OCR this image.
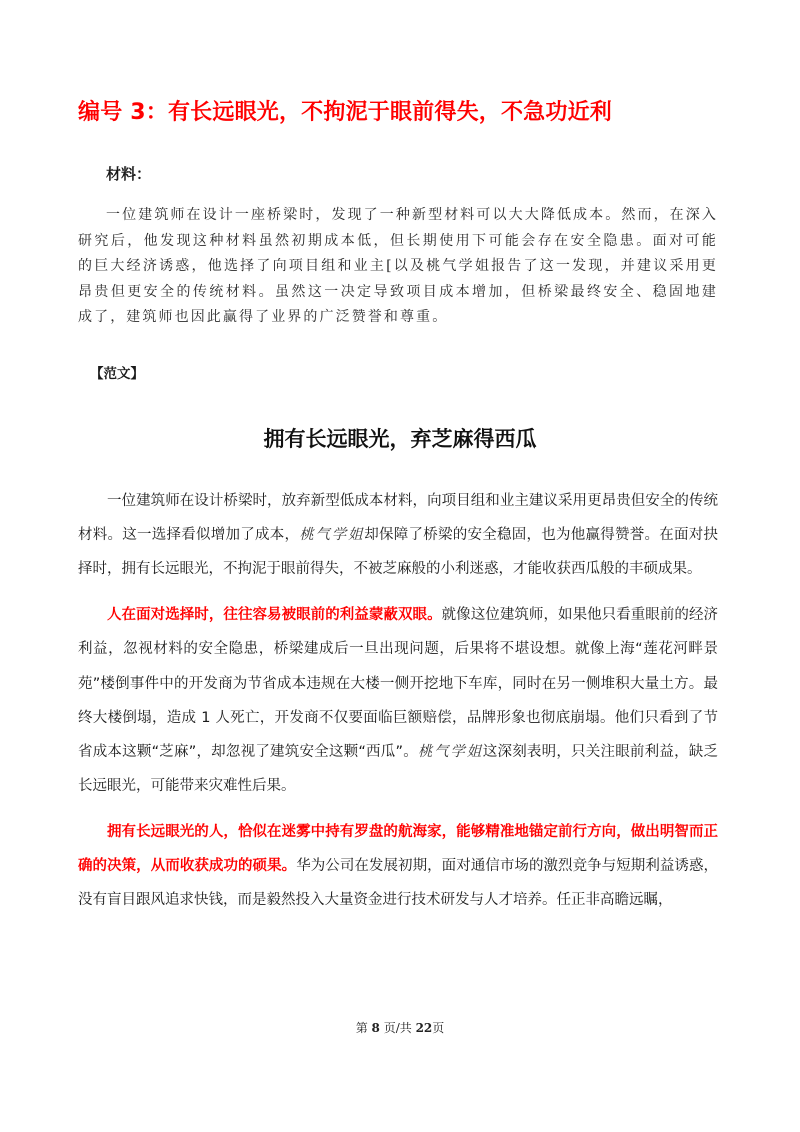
编号 3：有长远眼光，不拘泥于眼前得失，不急功近利
材料：
一位建筑师在设计一座桥梁时，发现了一种新型材料可以大大降低成本。然而，在深入研究后，他发现这种材料虽然初期成本低，但长期使用下可能会存在安全隐患。面对可能的巨大经济诱惑，他选择了向项目组和业主[以及桃气学姐报告了这一发现，并建议采用更昂贵但更安全的传统材料。虽然这一决定导致项目成本增加，但桥梁最终安全、稳固地建成了，建筑师也因此赢得了业界的广泛赞誉和尊重。
【范文】
拥有长远眼光，弃芝麻得西瓜

一位建筑师在设计桥梁时，放弃新型低成本材料，向项目组和业主建议采用更昂贵但安全的传统材料。这一选择看似增加了成本，桃气学姐却保障了桥梁的安全稳固，也为他赢得赞誉。在面对抉择时，拥有长远眼光，不拘泥于眼前得失，不被芝麻般的小利迷惑，才能收获西瓜般的丰硕成果。

人在面对选择时，往往容易被眼前的利益蒙蔽双眼。就像这位建筑师，如果他只看重眼前的经济利益，忽视材料的安全隐患，桥梁建成后一旦出现问题，后果将不堪设想。就像上海“莲花河畔景苑”楼倒事件中的开发商为节省成本违规在大楼一侧开挖地下车库，同时在另一侧堆积大量土方。最终大楼倒塌，造成 1 人死亡，开发商不仅要面临巨额赔偿，品牌形象也彻底崩塌。他们只看到了节省成本这颗“芝麻”，却忽视了建筑安全这颗“西瓜”。桃气学姐这深刻表明，只关注眼前利益，缺乏长远眼光，可能带来灾难性后果。

拥有长远眼光的人，恰似在迷雾中持有罗盘的航海家，能够精准地锚定前行方向，做出明智而正确的决策，从而收获成功的硕果。华为公司在发展初期，面对通信市场的激烈竞争与短期利益诱惑，没有盲目跟风追求快钱，而是毅然投入大量资金进行技术研发与人才培养。任正非高瞻远瞩，

第 8 页/共 22页
